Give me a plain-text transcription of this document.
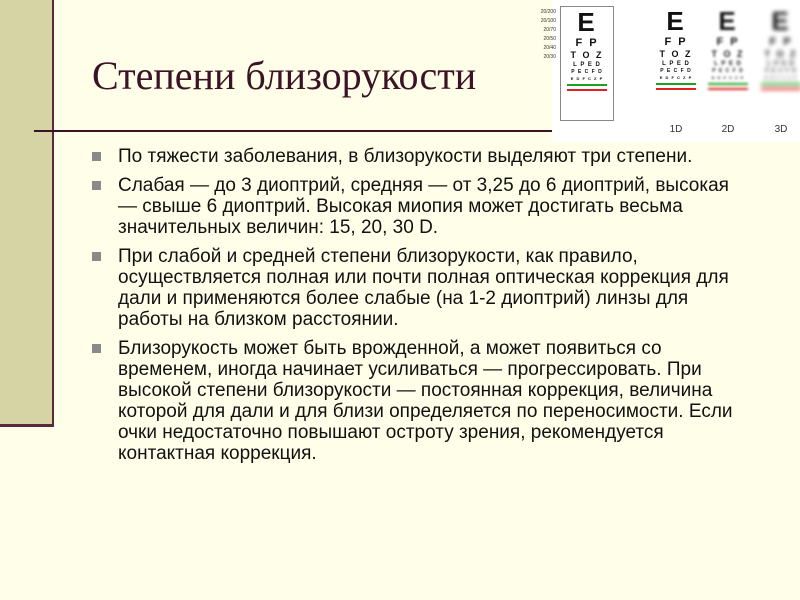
Степени близорукости
По тяжести заболевания, в близорукости выделяют три степени.
Слабая — до 3 диоптрий, средняя — от 3,25 до 6 диоптрий, высокая — свыше 6 диоптрий. Высокая миопия может достигать весьма значительных величин: 15, 20, 30 D.
При слабой и средней степени близорукости, как правило, осуществляется полная или почти полная оптическая коррекция для дали и применяются более слабые (на 1-2 диоптрий) линзы для работы на близком расстоянии.
Близорукость может быть врожденной, а может появиться со временем, иногда начинает усиливаться — прогрессировать. При высокой степени близорукости — постоянная коррекция, величина которой для дали и для близи определяется по переносимости. Если очки недостаточно повышают остроту зрения, рекомендуется контактная коррекция.
E
F P
T O Z
L P E D
P E C F D
E D F C Z P
20/200
20/100
20/70
20/50
20/40
20/30
E
F P
T O Z
L P E D
P E C F D
E D F C Z P
1D
E
F P
T O Z
L P E D
P E C F D
E D F C Z P
2D
E
F P
T O Z
L P E D
P E C F D
E D F C Z P
3D
